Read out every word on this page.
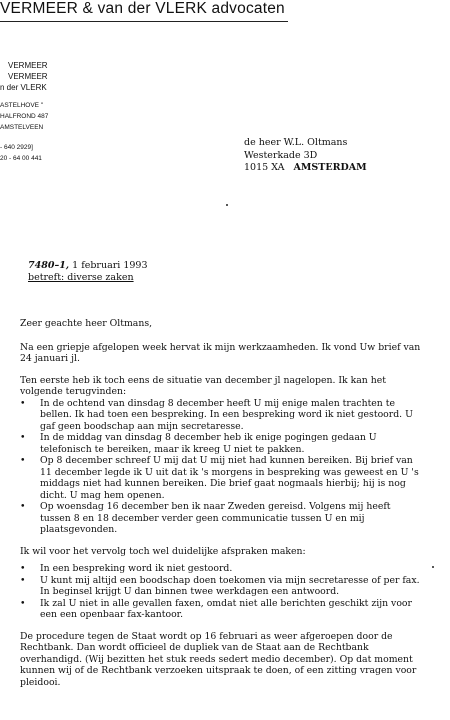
VERMEER & van der VLERK advocaten
VERMEER
VERMEER
n der VLERK
ASTELHOVE "
HALFROND 487
AMSTELVEEN
- 640 2929]
20 - 64 00 441
de heer W.L. Oltmans
Westerkade 3D
1015 XA AMSTERDAM
7480–1, 1 februari 1993
betreft: diverse zaken

Zeer geachte heer Oltmans,

Na een griepje afgelopen week hervat ik mijn werkzaamheden. Ik vond Uw brief van 24 januari jl.

Ten eerste heb ik toch eens de situatie van december jl nagelopen. Ik kan het volgende terugvinden:

• In de ochtend van dinsdag 8 december heeft U mij enige malen trachten te bellen. Ik had toen een bespreking. In een bespreking word ik niet gestoord. U gaf geen boodschap aan mijn secretaresse.
• In de middag van dinsdag 8 december heb ik enige pogingen gedaan U telefonisch te bereiken, maar ik kreeg U niet te pakken.
• Op 8 december schreef U mij dat U mij niet had kunnen bereiken. Bij brief van 11 december legde ik U uit dat ik 's morgens in bespreking was geweest en U 's middags niet had kunnen bereiken. Die brief gaat nogmaals hierbij; hij is nog dicht. U mag hem openen.
• Op woensdag 16 december ben ik naar Zweden gereisd. Volgens mij heeft tussen 8 en 18 december verder geen communicatie tussen U en mij plaatsgevonden.

Ik wil voor het vervolg toch wel duidelijke afspraken maken:

• In een bespreking word ik niet gestoord.
• U kunt mij altijd een boodschap doen toekomen via mijn secretaresse of per fax. In beginsel krijgt U dan binnen twee werkdagen een antwoord.
• Ik zal U niet in alle gevallen faxen, omdat niet alle berichten geschikt zijn voor een een openbaar fax-kantoor.

De procedure tegen de Staat wordt op 16 februari as weer afgeroepen door de Rechtbank. Dan wordt officieel de dupliek van de Staat aan de Rechtbank overhandigd. (Wij bezitten het stuk reeds sedert medio december). Op dat moment kunnen wij of de Rechtbank verzoeken uitspraak te doen, of een zitting vragen voor pleidooi.
